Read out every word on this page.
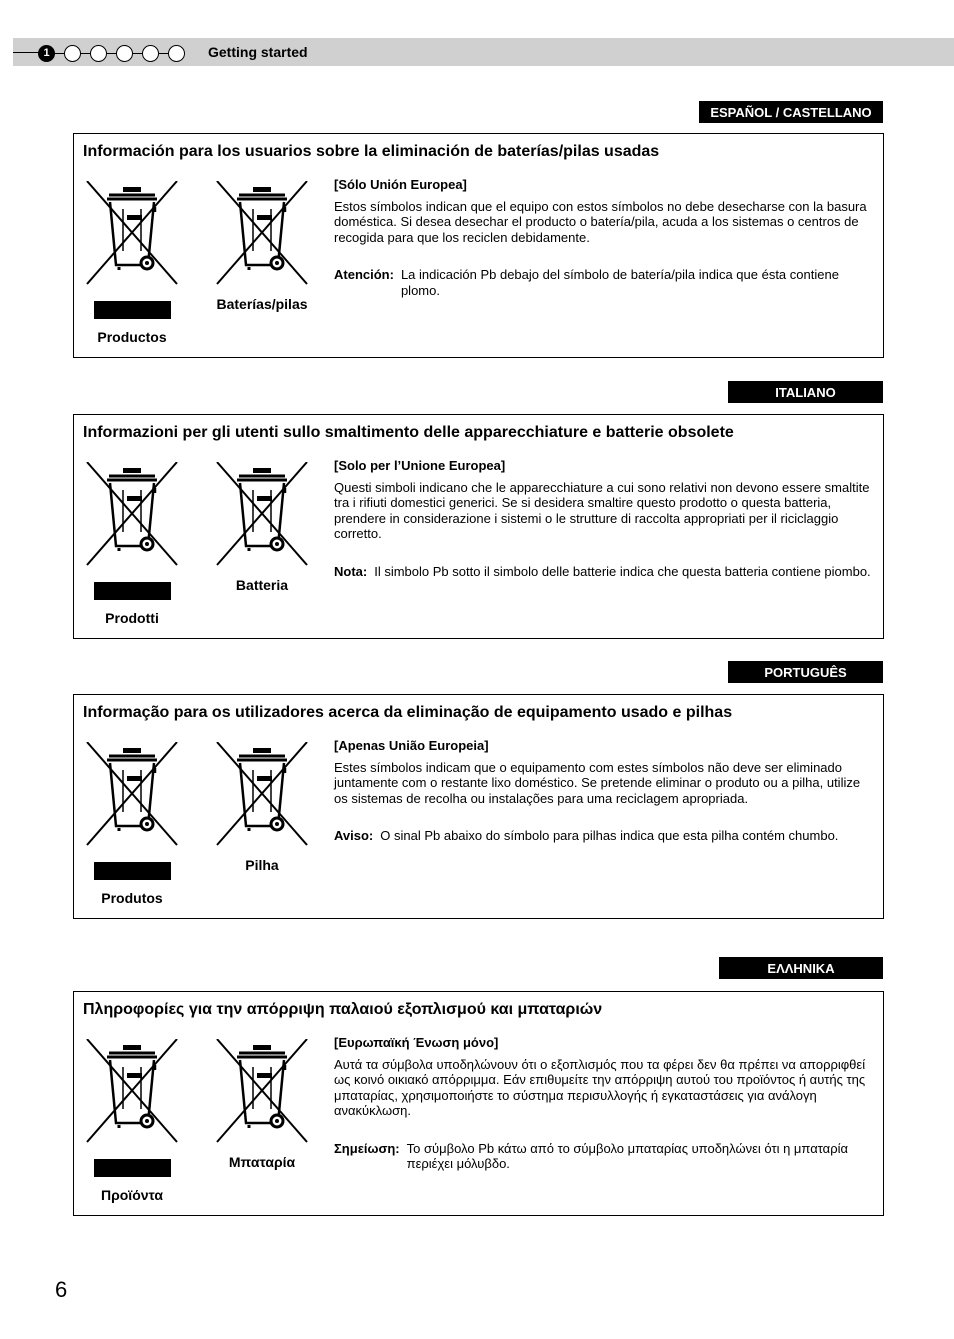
1	Getting started
ESPAÑOL / CASTELLANO
Información para los usuarios sobre la eliminación de baterías/pilas usadas
Productos
Baterías/pilas
[Sólo Unión Europea]
Estos símbolos indican que el equipo con estos símbolos no debe desecharse con la basura doméstica. Si desea desechar el producto o batería/pila, acuda a los sistemas o centros de recogida para que los reciclen debidamente.
Atención: La indicación Pb debajo del símbolo de batería/pila indica que ésta contiene plomo.
ITALIANO
Informazioni per gli utenti sullo smaltimento delle apparecchiature e batterie obsolete
Prodotti
Batteria
[Solo per l’Unione Europea]
Questi simboli indicano che le apparecchiature a cui sono relativi non devono essere smaltite tra i rifiuti domestici generici. Se si desidera smaltire questo prodotto o questa batteria, prendere in considerazione i sistemi o le strutture di raccolta appropriati per il riciclaggio corretto.
Nota: Il simbolo Pb sotto il simbolo delle batterie indica che questa batteria contiene piombo.
PORTUGUÊS
Informação para os utilizadores acerca da eliminação de equipamento usado e pilhas
Produtos
Pilha
[Apenas União Europeia]
Estes símbolos indicam que o equipamento com estes símbolos não deve ser eliminado juntamente com o restante lixo doméstico. Se pretende eliminar o produto ou a pilha, utilize os sistemas de recolha ou instalações para uma reciclagem apropriada.
Aviso: O sinal Pb abaixo do símbolo para pilhas indica que esta pilha contém chumbo.
ΕΛΛΗΝΙΚΑ
Πληροφορίες για την απόρριψη παλαιού εξοπλισμού και μπαταριών
Προϊόντα
Μπαταρία
[Ευρωπαϊκή Ένωση μόνο]
Αυτά τα σύμβολα υποδηλώνουν ότι ο εξοπλισμός που τα φέρει δεν θα πρέπει να απορριφθεί ως κοινό οικιακό απόρριμμα. Εάν επιθυμείτε την απόρριψη αυτού του προϊόντος ή αυτής της μπαταρίας, χρησιμοποιήστε το σύστημα περισυλλογής ή εγκαταστάσεις για ανάλογη ανακύκλωση.
Σημείωση: Το σύμβολο Pb κάτω από το σύμβολο μπαταρίας υποδηλώνει ότι η μπαταρία περιέχει μόλυβδο.
6
